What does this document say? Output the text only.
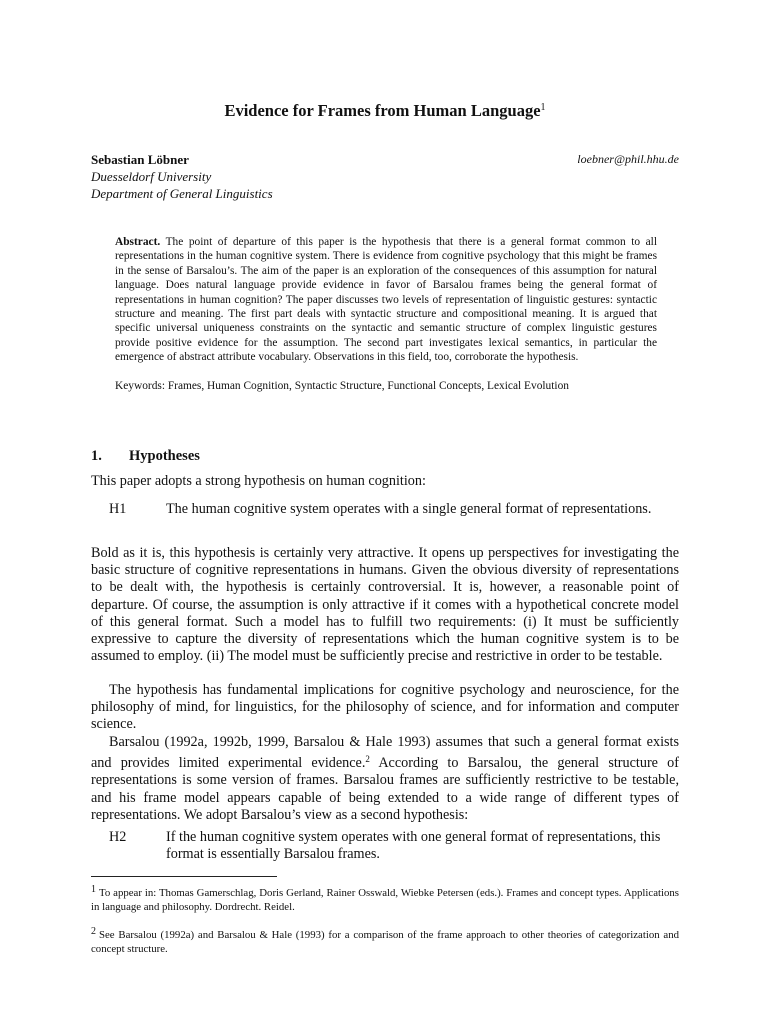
Evidence for Frames from Human Language$^1$
Sebastian Löbner	loebner@phil.hhu.de
Duesseldorf University
Department of General Linguistics

Abstract. The point of departure of this paper is the hypothesis that there is a general format common to all representations in the human cognitive system. There is evidence from cognitive psychology that this might be frames in the sense of Barsalou’s. The aim of the paper is an exploration of the consequences of this assumption for natural language. Does natural language provide evidence in favor of Barsalou frames being the general format of representations in human cognition? The paper discusses two levels of representation of linguistic gestures: syntactic structure and meaning. The first part deals with syntactic structure and compositional meaning. It is argued that specific universal uniqueness constraints on the syntactic and semantic structure of complex linguistic gestures provide positive evidence for the assumption. The second part investigates lexical semantics, in particular the emergence of abstract attribute vocabulary. Observations in this field, too, corroborate the hypothesis.

Keywords: Frames, Human Cognition, Syntactic Structure, Functional Concepts, Lexical Evolution

1. Hypotheses

This paper adopts a strong hypothesis on human cognition:

H1	The human cognitive system operates with a single general format of representations.

Bold as it is, this hypothesis is certainly very attractive. It opens up perspectives for investigating the basic structure of cognitive representations in humans. Given the obvious diversity of representations to be dealt with, the hypothesis is certainly controversial. It is, however, a reasonable point of departure. Of course, the assumption is only attractive if it comes with a hypothetical concrete model of this general format. Such a model has to fulfill two requirements: (i) It must be sufficiently expressive to capture the diversity of representations which the human cognitive system is to be assumed to employ. (ii) The model must be sufficiently precise and restrictive in order to be testable.

The hypothesis has fundamental implications for cognitive psychology and neuroscience, for the philosophy of mind, for linguistics, for the philosophy of science, and for information and computer science.

Barsalou (1992a, 1992b, 1999, Barsalou & Hale 1993) assumes that such a general format exists and provides limited experimental evidence.$^2$ According to Barsalou, the general structure of representations is some version of frames. Barsalou frames are sufficiently restrictive to be testable, and his frame model appears capable of being extended to a wide range of different types of representations. We adopt Barsalou’s view as a second hypothesis:

H2	If the human cognitive system operates with one general format of representations, this format is essentially Barsalou frames.

$^1$ To appear in: Thomas Gamerschlag, Doris Gerland, Rainer Osswald, Wiebke Petersen (eds.). Frames and concept types. Applications in language and philosophy. Dordrecht. Reidel.

$^2$ See Barsalou (1992a) and Barsalou & Hale (1993) for a comparison of the frame approach to other theories of categorization and concept structure.
